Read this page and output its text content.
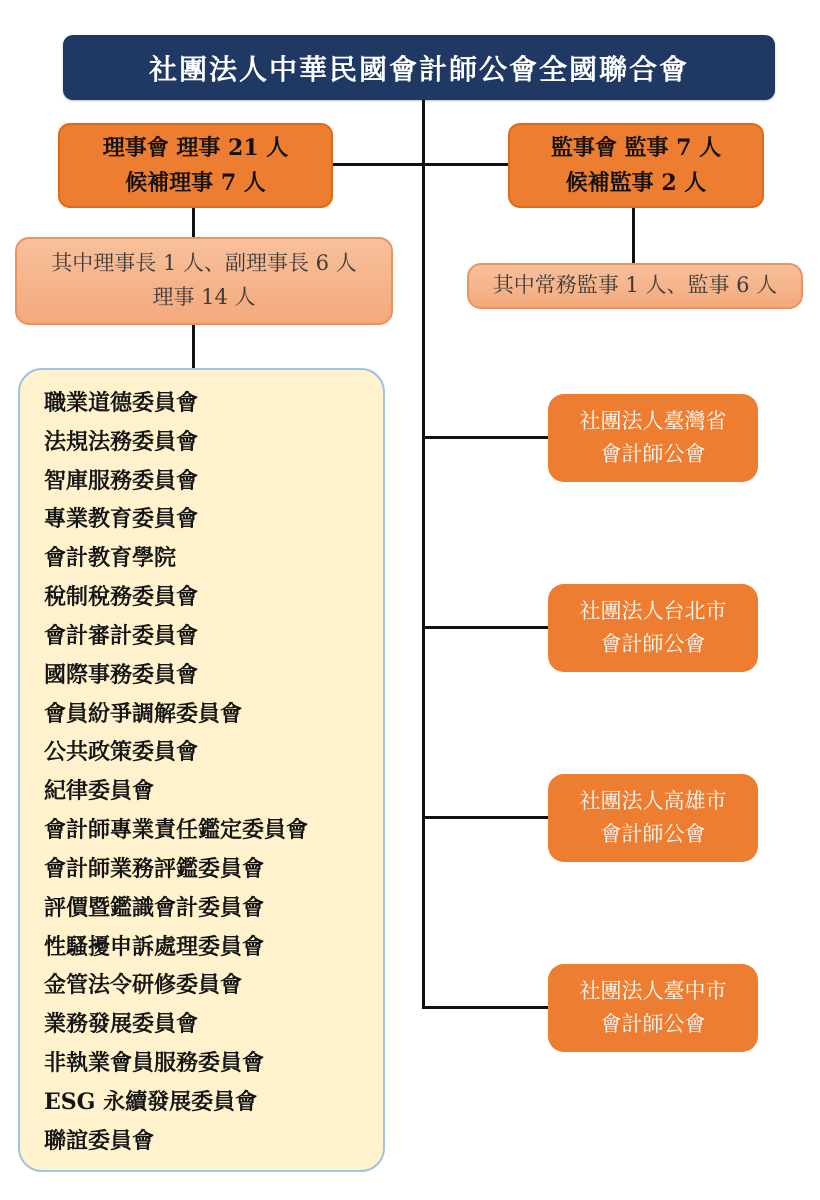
社團法人中華民國會計師公會全國聯合會
理事會 理事 21 人
候補理事 7 人
監事會 監事 7 人
候補監事 2 人
其中理事長 1 人、副理事長 6 人
理事 14 人	其中常務監事 1 人、監事 6 人
職業道德委員會
法規法務委員會
智庫服務委員會
專業教育委員會
會計教育學院
稅制稅務委員會
會計審計委員會
國際事務委員會
會員紛爭調解委員會
公共政策委員會
紀律委員會
會計師專業責任鑑定委員會
會計師業務評鑑委員會
評價暨鑑識會計委員會
性騷擾申訴處理委員會
金管法令研修委員會
業務發展委員會
非執業會員服務委員會
ESG 永續發展委員會
聯誼委員會
社團法人臺灣省
會計師公會
社團法人台北市
會計師公會
社團法人高雄市
會計師公會
社團法人臺中市
會計師公會
